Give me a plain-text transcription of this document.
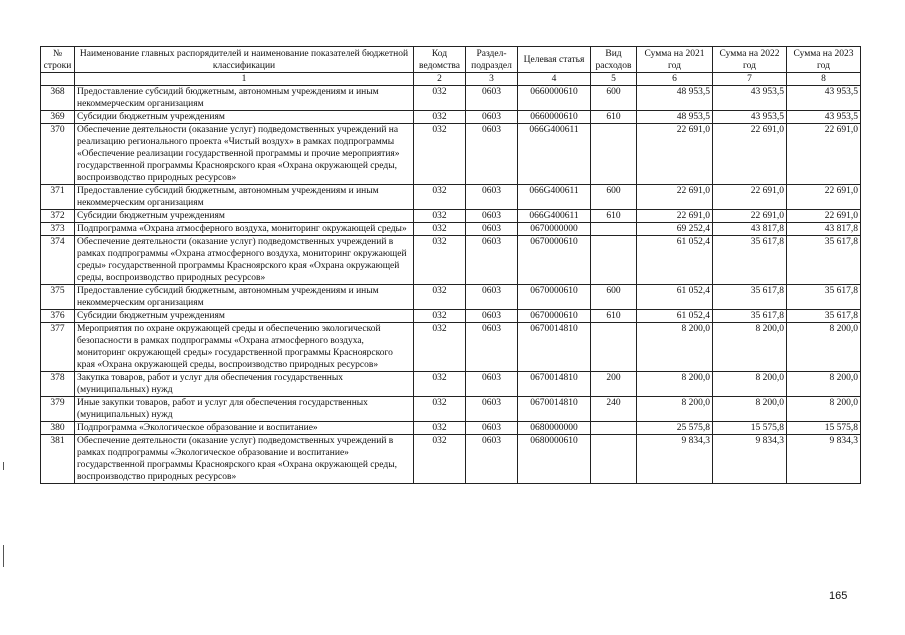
№ строки	Наименование главных распорядителей и наименование показателей бюджетной классификации	Код ведомства	Раздел-подраздел	Целевая статья	Вид расходов	Сумма на 2021 год	Сумма на 2022 год	Сумма на 2023 год
	1	2	3	4	5	6	7	8
368	Предоставление субсидий бюджетным, автономным учреждениям и иным некоммерческим организациям	032	0603	0660000610	600	48 953,5	43 953,5	43 953,5
369	Субсидии бюджетным учреждениям	032	0603	0660000610	610	48 953,5	43 953,5	43 953,5
370	Обеспечение деятельности (оказание услуг) подведомственных учреждений на реализацию регионального проекта «Чистый воздух» в рамках подпрограммы «Обеспечение реализации государственной программы и прочие мероприятия» государственной программы Красноярского края «Охрана окружающей среды, воспроизводство природных ресурсов»	032	0603	066G400611		22 691,0	22 691,0	22 691,0
371	Предоставление субсидий бюджетным, автономным учреждениям и иным некоммерческим организациям	032	0603	066G400611	600	22 691,0	22 691,0	22 691,0
372	Субсидии бюджетным учреждениям	032	0603	066G400611	610	22 691,0	22 691,0	22 691,0
373	Подпрограмма «Охрана атмосферного воздуха, мониторинг окружающей среды»	032	0603	0670000000		69 252,4	43 817,8	43 817,8
374	Обеспечение деятельности (оказание услуг) подведомственных учреждений в рамках подпрограммы «Охрана атмосферного воздуха, мониторинг окружающей среды» государственной программы Красноярского края «Охрана окружающей среды, воспроизводство природных ресурсов»	032	0603	0670000610		61 052,4	35 617,8	35 617,8
375	Предоставление субсидий бюджетным, автономным учреждениям и иным некоммерческим организациям	032	0603	0670000610	600	61 052,4	35 617,8	35 617,8
376	Субсидии бюджетным учреждениям	032	0603	0670000610	610	61 052,4	35 617,8	35 617,8
377	Мероприятия по охране окружающей среды и обеспечению экологической безопасности в рамках подпрограммы «Охрана атмосферного воздуха, мониторинг окружающей среды» государственной программы Красноярского края «Охрана окружающей среды, воспроизводство природных ресурсов»	032	0603	0670014810		8 200,0	8 200,0	8 200,0
378	Закупка товаров, работ и услуг для обеспечения государственных (муниципальных) нужд	032	0603	0670014810	200	8 200,0	8 200,0	8 200,0
379	Иные закупки товаров, работ и услуг для обеспечения государственных (муниципальных) нужд	032	0603	0670014810	240	8 200,0	8 200,0	8 200,0
380	Подпрограмма «Экологическое образование и воспитание»	032	0603	0680000000		25 575,8	15 575,8	15 575,8
381	Обеспечение деятельности (оказание услуг) подведомственных учреждений в рамках подпрограммы «Экологическое образование и воспитание» государственной программы Красноярского края «Охрана окружающей среды, воспроизводство природных ресурсов»	032	0603	0680000610		9 834,3	9 834,3	9 834,3
165
